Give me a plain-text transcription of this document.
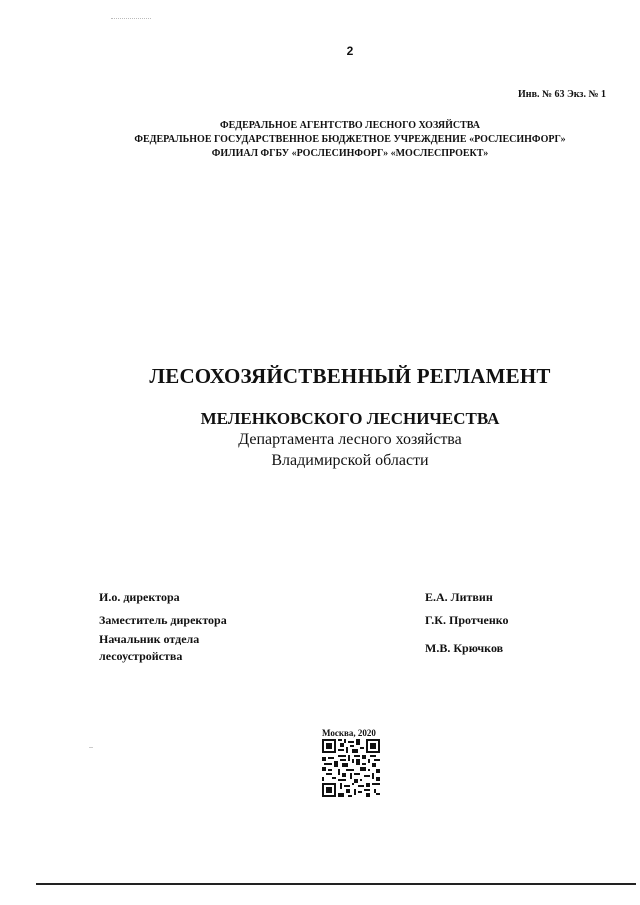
2
Инв. № 63 Экз. № 1
ФЕДЕРАЛЬНОЕ АГЕНТСТВО ЛЕСНОГО ХОЗЯЙСТВА
ФЕДЕРАЛЬНОЕ ГОСУДАРСТВЕННОЕ БЮДЖЕТНОЕ УЧРЕЖДЕНИЕ «РОСЛЕСИНФОРГ»
ФИЛИАЛ ФГБУ «РОСЛЕСИНФОРГ» «МОСЛЕСПРОЕКТ»
ЛЕСОХОЗЯЙСТВЕННЫЙ РЕГЛАМЕНТ
МЕЛЕНКОВСКОГО ЛЕСНИЧЕСТВА
Департамента лесного хозяйства
Владимирской области
И.о. директора	Е.А. Литвин
Заместитель директора	Г.К. Протченко
Начальник отдела
лесоустройства
М.В. Крючков
Москва, 2020
